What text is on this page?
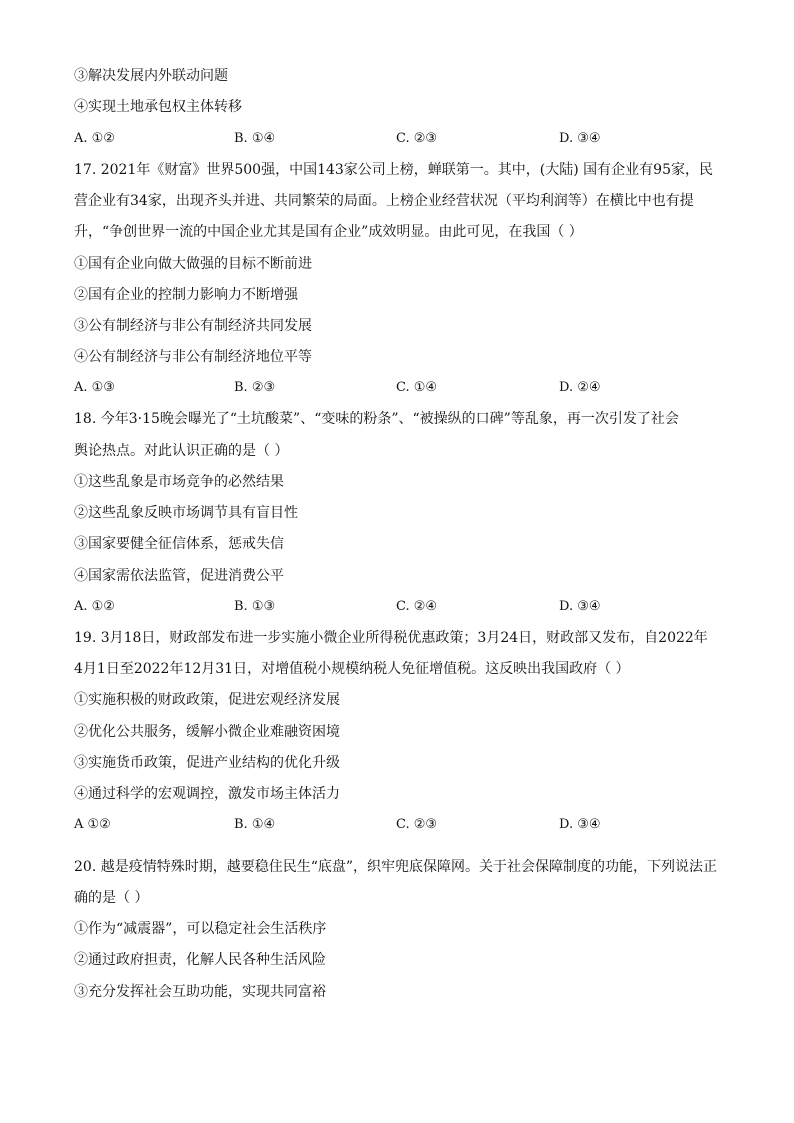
③解决发展内外联动问题
④实现土地承包权主体转移
A. ①②	B. ①④	C. ②③	D. ③④
17. 2021年《财富》世界500强，中国143家公司上榜，蝉联第一。其中，(大陆) 国有企业有95家，民
营企业有34家，出现齐头并进、共同繁荣的局面。上榜企业经营状况（平均利润等）在横比中也有提
升，“争创世界一流的中国企业尤其是国有企业”成效明显。由此可见，在我国（ ）
①国有企业向做大做强的目标不断前进
②国有企业的控制力影响力不断增强
③公有制经济与非公有制经济共同发展
④公有制经济与非公有制经济地位平等
A. ①③	B. ②③	C. ①④	D. ②④
18. 今年3·15晚会曝光了“土坑酸菜”、“变味的粉条”、“被操纵的口碑”等乱象，再一次引发了社会
舆论热点。对此认识正确的是（ ）
①这些乱象是市场竞争的必然结果
②这些乱象反映市场调节具有盲目性
③国家要健全征信体系，惩戒失信
④国家需依法监管，促进消费公平
A. ①②	B. ①③	C. ②④	D. ③④
19. 3月18日，财政部发布进一步实施小微企业所得税优惠政策；3月24日，财政部又发布，自2022年
4月1日至2022年12月31日，对增值税小规模纳税人免征增值税。这反映出我国政府（ ）
①实施积极的财政政策，促进宏观经济发展
②优化公共服务，缓解小微企业难融资困境
③实施货币政策，促进产业结构的优化升级
④通过科学的宏观调控，激发市场主体活力
A ①②	B. ①④	C. ②③	D. ③④
20. 越是疫情特殊时期，越要稳住民生“底盘”，织牢兜底保障网。关于社会保障制度的功能，下列说法正
确的是（ ）
①作为“减震器”，可以稳定社会生活秩序
②通过政府担责，化解人民各种生活风险
③充分发挥社会互助功能，实现共同富裕
